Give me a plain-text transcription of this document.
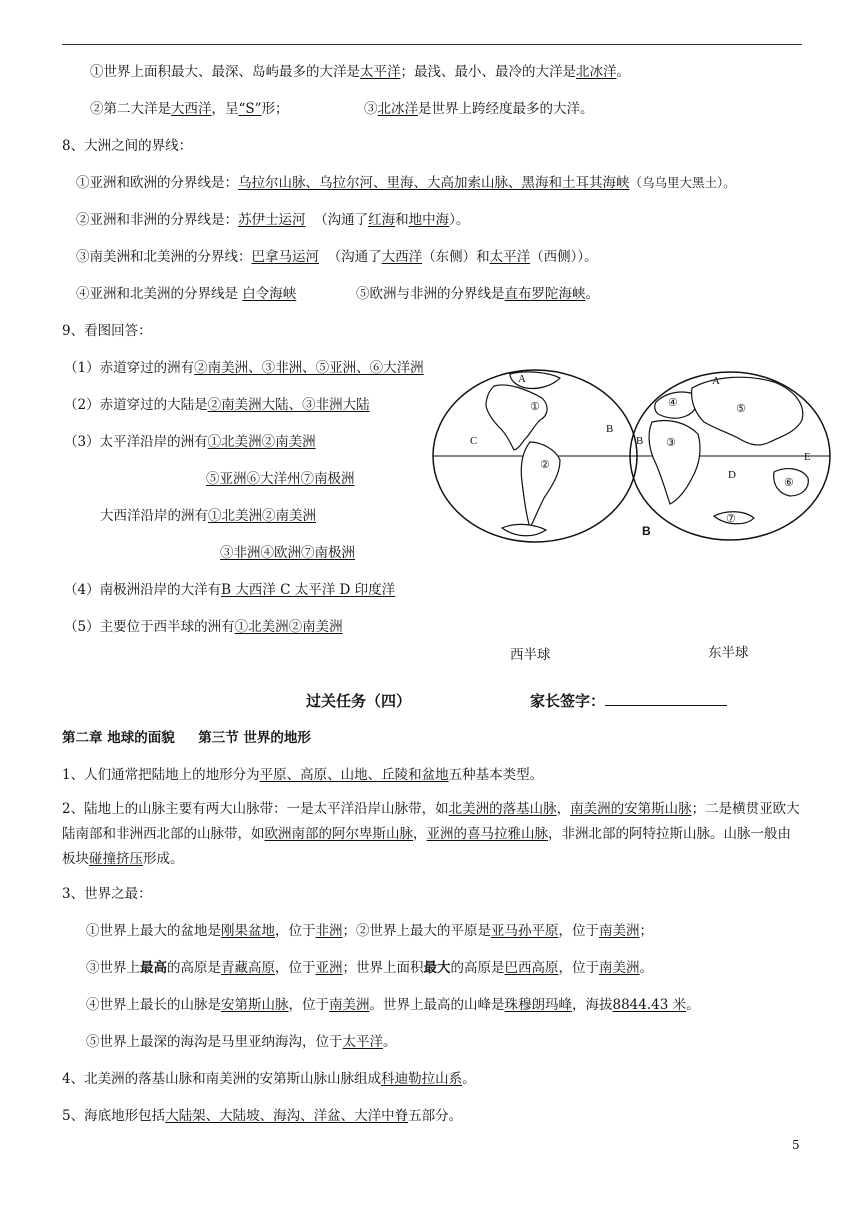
①世界上面积最大、最深、岛屿最多的大洋是太平洋；最浅、最小、最冷的大洋是北冰洋。
②第二大洋是大西洋，呈“S”形；	③北冰洋是世界上跨经度最多的大洋。
8、大洲之间的界线：
①亚洲和欧洲的分界线是：乌拉尔山脉、乌拉尔河、里海、大高加索山脉、黑海和土耳其海峡（乌乌里大黑土）。
②亚洲和非洲的分界线是：苏伊士运河 （沟通了红海和地中海）。
③南美洲和北美洲的分界线：巴拿马运河 （沟通了大西洋（东侧）和太平洋（西侧））。
④亚洲和北美洲的分界线是 白令海峡	⑤欧洲与非洲的分界线是直布罗陀海峡。
9、看图回答：
（1）赤道穿过的洲有②南美洲、③非洲、⑤亚洲、⑥大洋洲
（2）赤道穿过的大陆是②南美洲大陆、③非洲大陆
（3）太平洋沿岸的洲有①北美洲②南美洲
⑤亚洲⑥大洋州⑦南极洲
大西洋沿岸的洲有①北美洲②南美洲
③非洲④欧洲⑦南极洲
（4）南极洲沿岸的大洋有B 大西洋 C 太平洋 D 印度洋
（5）主要位于西半球的洲有①北美洲②南美洲
A
①
B
C
②
A
④	⑤
B ③
E
D
⑥
⑦
B
西半球	东半球
过关任务（四）	家长签字：
第二章 地球的面貌 第三节 世界的地形
1、人们通常把陆地上的地形分为平原、高原、山地、丘陵和盆地五种基本类型。
2、陆地上的山脉主要有两大山脉带：一是太平洋沿岸山脉带，如北美洲的落基山脉，南美洲的安第斯山脉；二是横贯亚欧大陆南部和非洲西北部的山脉带，如欧洲南部的阿尔卑斯山脉，亚洲的喜马拉雅山脉，非洲北部的阿特拉斯山脉。山脉一般由板块碰撞挤压形成。
3、世界之最：
①世界上最大的盆地是刚果盆地，位于非洲；②世界上最大的平原是亚马孙平原，位于南美洲；
③世界上最高的高原是青藏高原，位于亚洲；世界上面积最大的高原是巴西高原，位于南美洲。
④世界上最长的山脉是安第斯山脉，位于南美洲。世界上最高的山峰是珠穆朗玛峰，海拔8844.43 米。
⑤世界上最深的海沟是马里亚纳海沟，位于太平洋。
4、北美洲的落基山脉和南美洲的安第斯山脉山脉组成科迪勒拉山系。
5、海底地形包括大陆架、大陆坡、海沟、洋盆、大洋中脊五部分。
5
